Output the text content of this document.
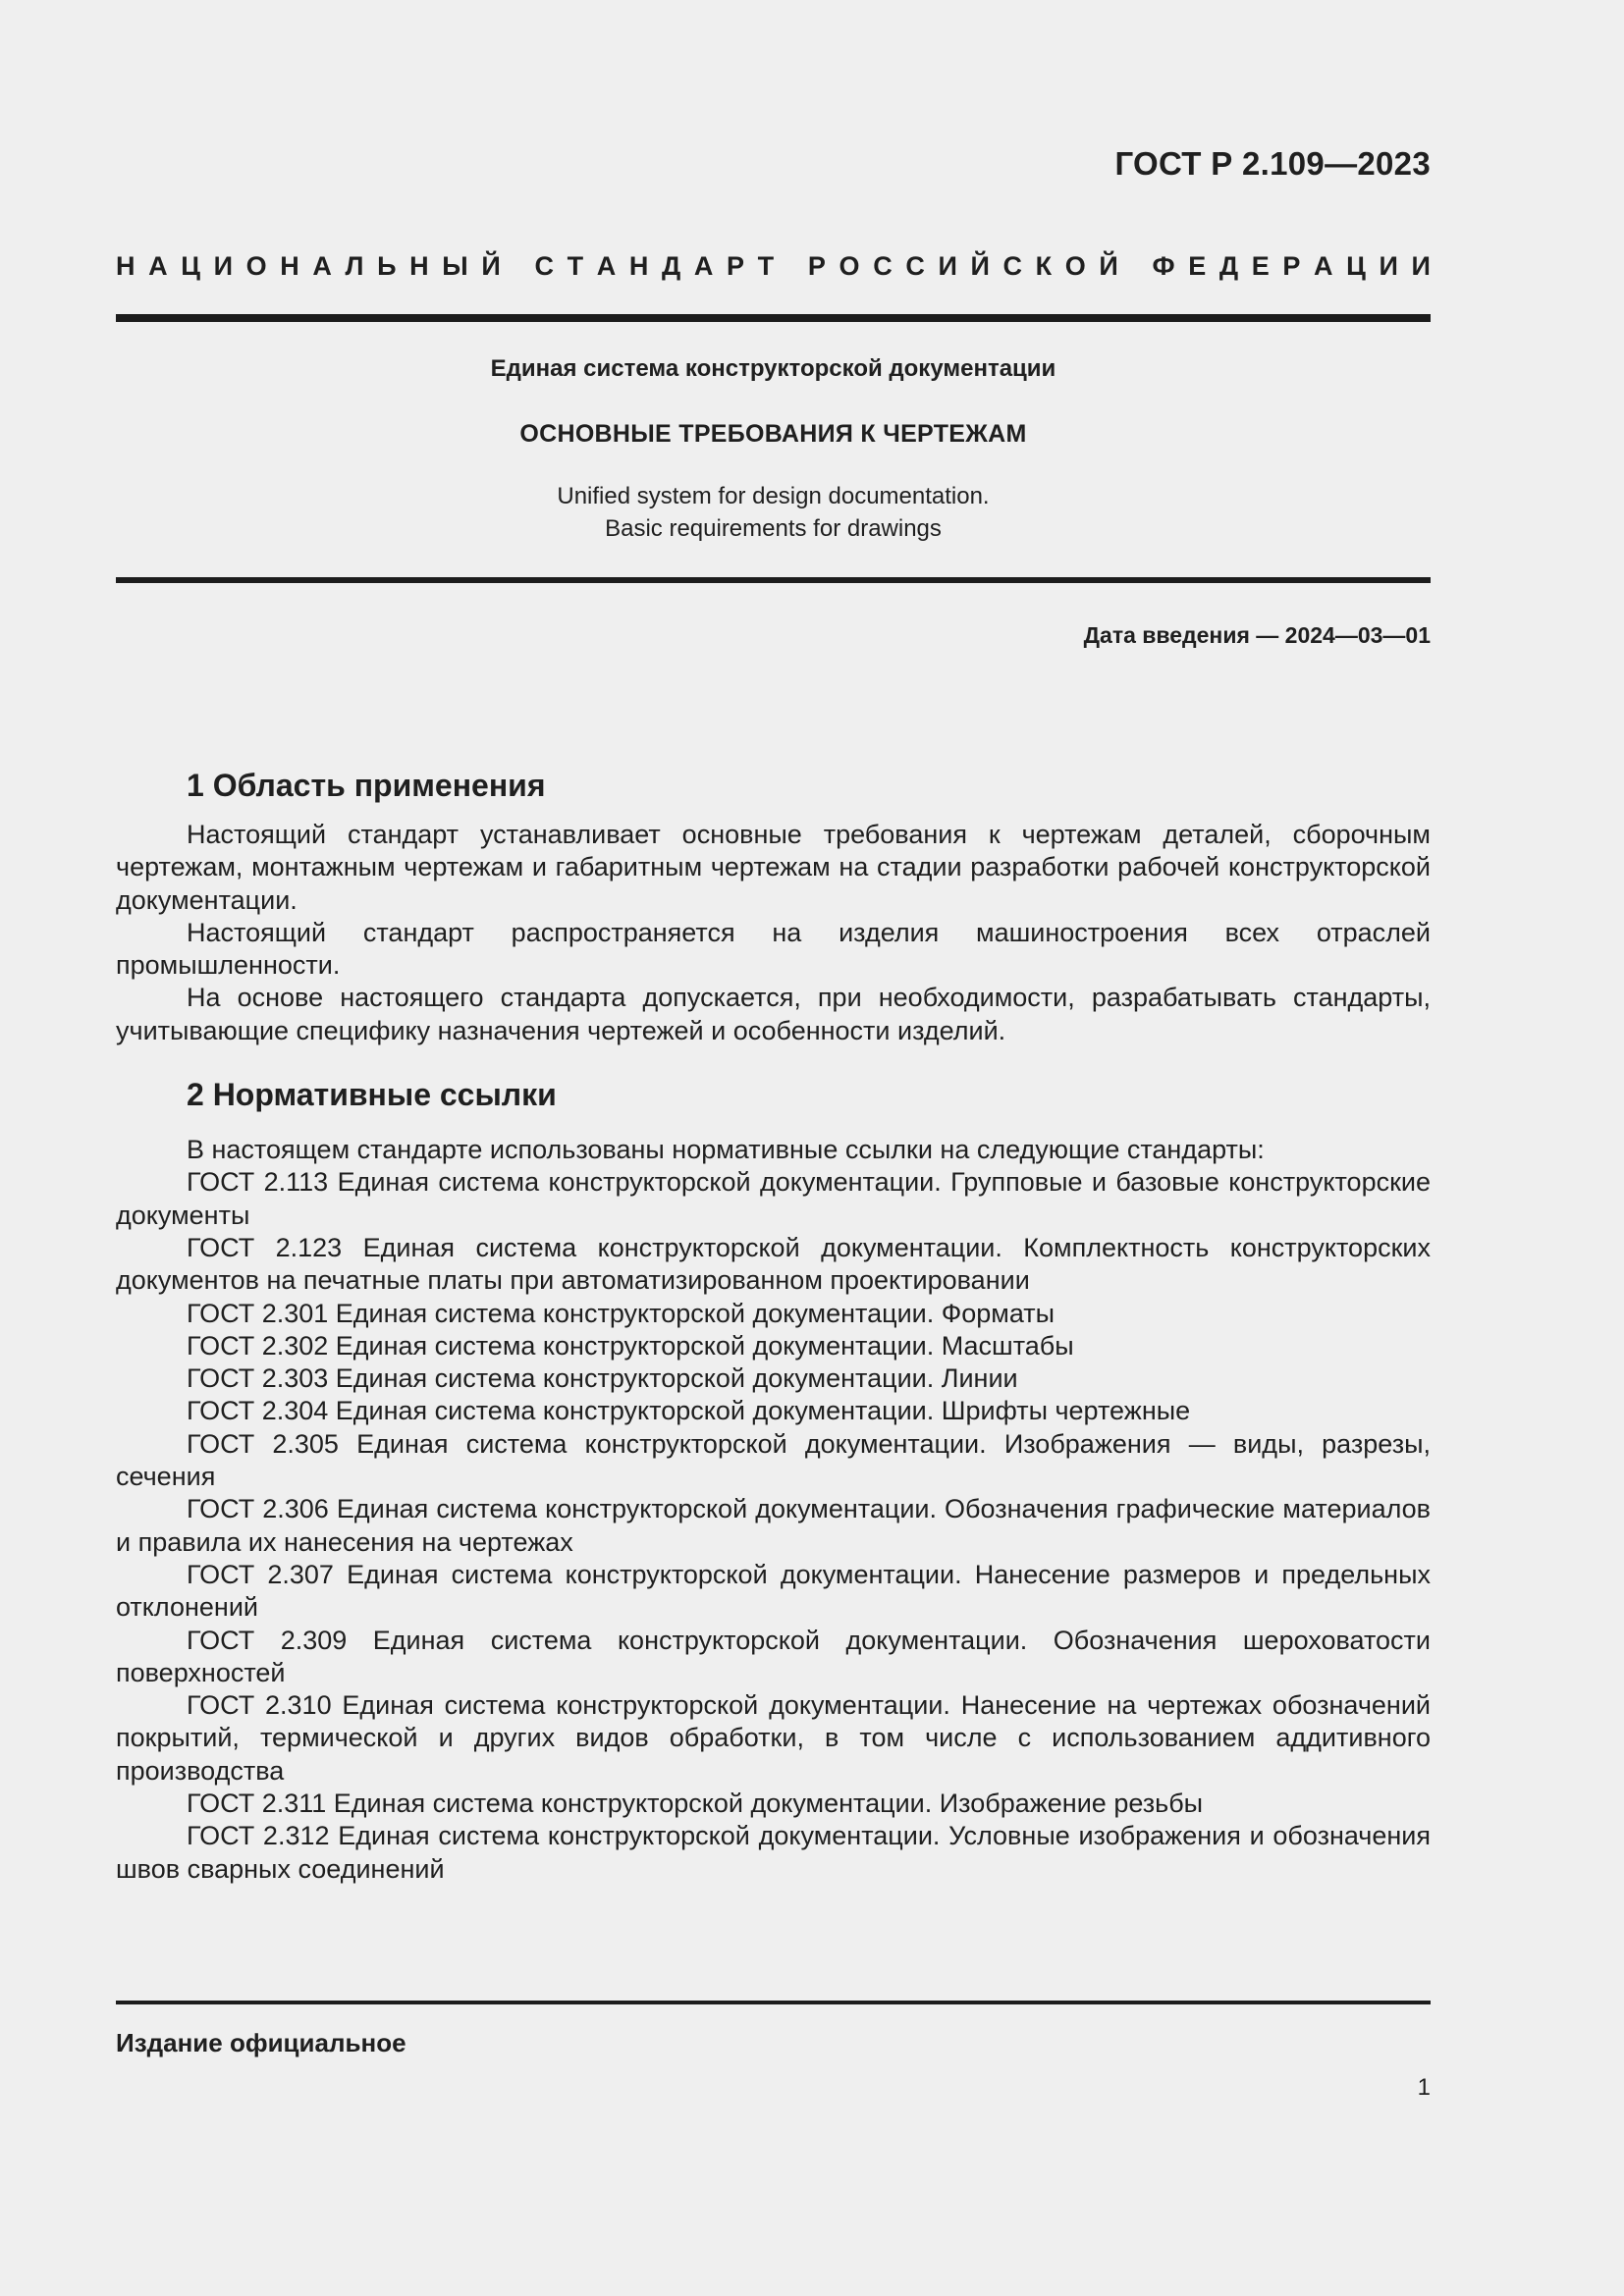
ГОСТ Р 2.109—2023
Н А Ц И О Н А Л Ь Н Ы Й
С Т А Н Д А Р Т
Р О С С И Й С К О Й
Ф Е Д Е Р А Ц И И
Единая система конструкторской документации
ОСНОВНЫЕ ТРЕБОВАНИЯ К ЧЕРТЕЖАМ
Unified system for design documentation.
Basic requirements for drawings
Дата введения — 2024—03—01
1 Область применения

Настоящий стандарт устанавливает основные требования к чертежам деталей, сборочным чертежам, монтажным чертежам и габаритным чертежам на стадии разработки рабочей конструкторской документации.

Настоящий стандарт распространяется на изделия машиностроения всех отраслей промышленности.

На основе настоящего стандарта допускается, при необходимости, разрабатывать стандарты, учитывающие специфику назначения чертежей и особенности изделий.

2 Нормативные ссылки

В настоящем стандарте использованы нормативные ссылки на следующие стандарты:

ГОСТ 2.113 Единая система конструкторской документации. Групповые и базовые конструкторские документы

ГОСТ 2.123 Единая система конструкторской документации. Комплектность конструкторских документов на печатные платы при автоматизированном проектировании

ГОСТ 2.301 Единая система конструкторской документации. Форматы

ГОСТ 2.302 Единая система конструкторской документации. Масштабы

ГОСТ 2.303 Единая система конструкторской документации. Линии

ГОСТ 2.304 Единая система конструкторской документации. Шрифты чертежные

ГОСТ 2.305 Единая система конструкторской документации. Изображения — виды, разрезы, сечения

ГОСТ 2.306 Единая система конструкторской документации. Обозначения графические материалов и правила их нанесения на чертежах

ГОСТ 2.307 Единая система конструкторской документации. Нанесение размеров и предельных отклонений

ГОСТ 2.309 Единая система конструкторской документации. Обозначения шероховатости поверхностей

ГОСТ 2.310 Единая система конструкторской документации. Нанесение на чертежах обозначений покрытий, термической и других видов обработки, в том числе с использованием аддитивного производства

ГОСТ 2.311 Единая система конструкторской документации. Изображение резьбы

ГОСТ 2.312 Единая система конструкторской документации. Условные изображения и обозначения швов сварных соединений

Издание официальное
1
